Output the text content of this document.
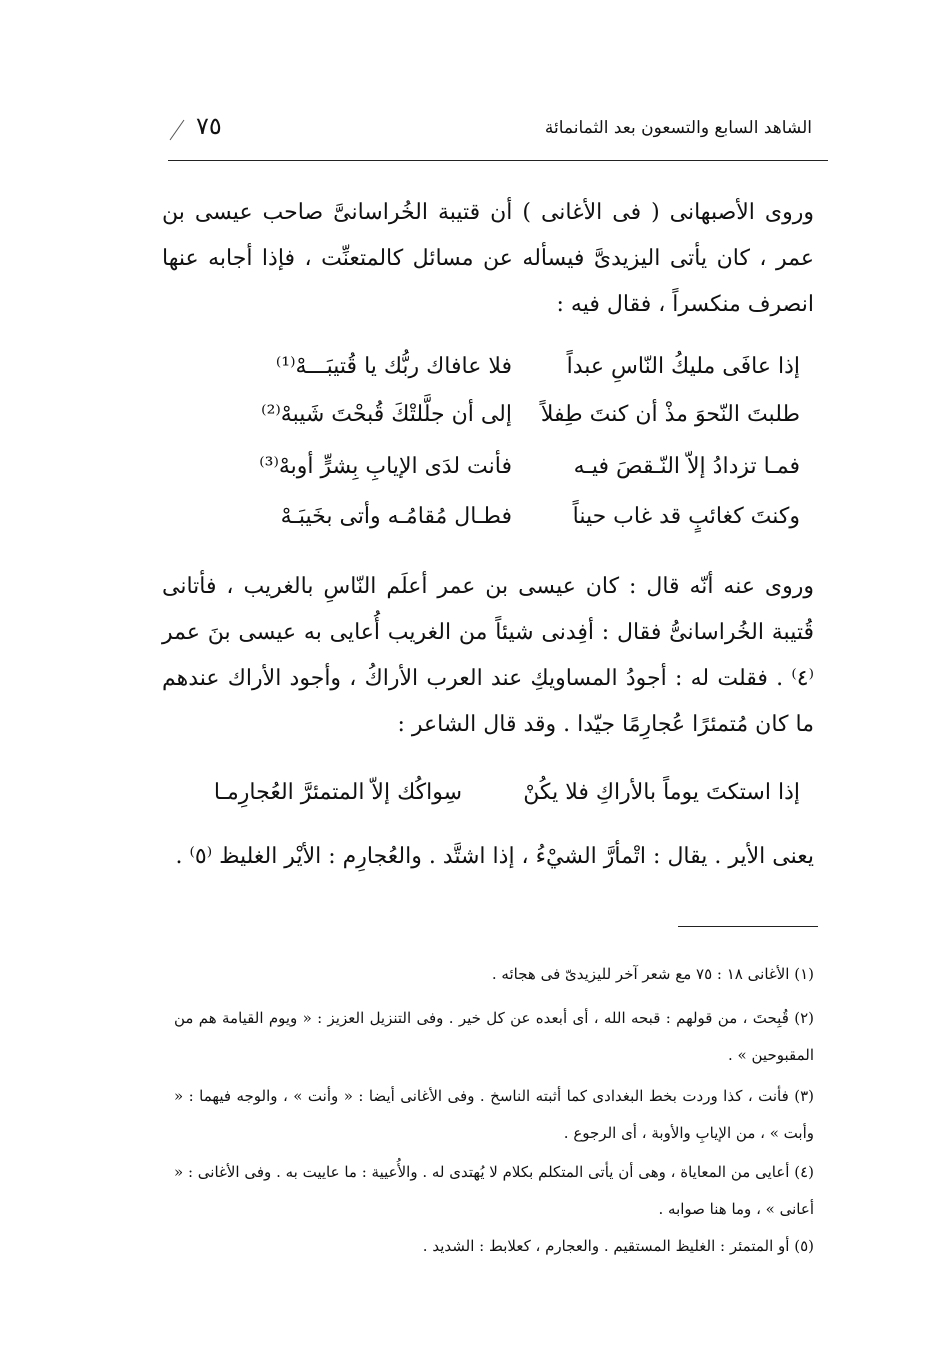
الشاهد السابع والتسعون بعد الثمانمائة
٧٥
وروى الأصبهانى ( فى الأغانى ) أن قتيبة الخُراسانىَّ صاحب عيسى بن عمر ، كان يأتى اليزيدىَّ فيسأله عن مسائل كالمتعنِّت ، فإذا أجابه عنها انصرف منكسراً ، فقال فيه :
إذا عافَى مليكُ النّاسِ عبداً
فلا عافاك ربُّك يا قُتيبَـــهْ⁽¹⁾
طلبتَ النّحوَ مذْ أن كنتَ طِفلاً
إلى أن جلَّلتْكَ قُبحْتَ شَيبهْ⁽²⁾
فمـا تزدادُ إلاّ النّـقصَ فيـه
فأنت لدَى الإيابِ بِشرٍّ أوبهْ⁽³⁾
وكنتَ كغائبٍ قد غاب حيناً
فطـال مُقامُـه وأتى بخَيبَـهْ
وروى عنه أنّه قال : كان عيسى بن عمر أعلَم النّاسِ بالغريب ، فأتانى قُتيبة الخُراسانىُّ فقال : أفِدنى شيئاً من الغريب أُعايى به عيسى بنَ عمر ⁽٤⁾ . فقلت له : أجودُ المساويكِ عند العرب الأراكُ ، وأجود الأراك عندهم ما كان مُتمئرًا عُجارِمًا جيّدا . وقد قال الشاعر :
إذا استكتَ يوماً بالأراكِ فلا يكُنْ
سِواكُك إلاّ المتمئرَّ العُجارِمـا
يعنى الأير . يقال : اتْمأرَّ الشيْءُ ، إذا اشتَّد . والعُجارِم : الأيْر الغليظ ⁽٥⁾ .
(١) الأغانى ١٨ : ٧٥ مع شعر آخر لليزيدىّ فى هجائه .
(٢) قُبِحتَ ، من قولهم : قبحه الله ، أى أبعده عن كل خير . وفى التنزيل العزيز : « ويوم القيامة هم من المقبوحين » .
(٣) فأنت ، كذا وردت بخط البغدادى كما أثبته الناسخ . وفى الأغانى أيضا : « وأنت » ، والوجه فيهما : « وأبت » ، من الإيابِ والأوبة ، أى الرجوع .
(٤) أعايى من المعاياة ، وهى أن يأتى المتكلم بكلام لا يُهتدى له . والأُعيية : ما عاييت به . وفى الأغانى : « أعانى » ، وما هنا صوابه .
(٥) أو المتمئر : الغليظ المستقيم . والعجارم ، كعلابط : الشديد .
